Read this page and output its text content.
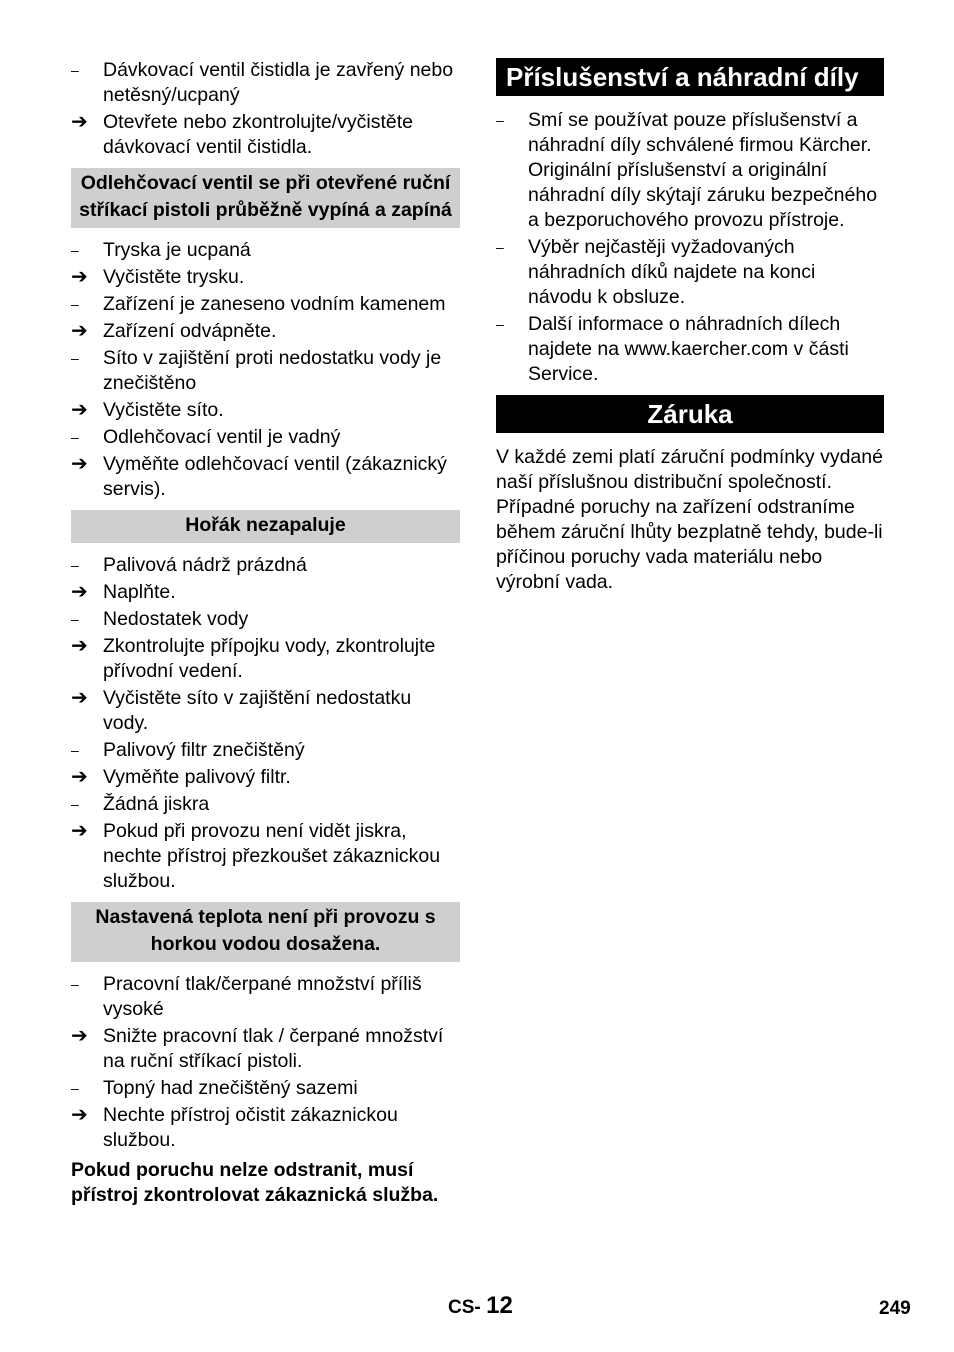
–	Dávkovací ventil čistidla je zavřený nebo netěsný/ucpaný
➔ Otevřete nebo zkontrolujte/vyčistěte dávkovací ventil čistidla.
Odlehčovací ventil se při otevřené ruční stříkací pistoli průběžně vypíná a zapíná
–	Tryska je ucpaná
➔ Vyčistěte trysku.
–	Zařízení je zaneseno vodním kamenem
➔ Zařízení odvápněte.
–	Síto v zajištění proti nedostatku vody je znečištěno
➔ Vyčistěte síto.
–	Odlehčovací ventil je vadný
➔ Vyměňte odlehčovací ventil (zákaznický servis).
Hořák nezapaluje
–	Palivová nádrž prázdná
➔ Naplňte.
–	Nedostatek vody
➔ Zkontrolujte přípojku vody, zkontrolujte přívodní vedení.
➔ Vyčistěte síto v zajištění nedostatku vody.
–	Palivový filtr znečištěný
➔ Vyměňte palivový filtr.
–	Žádná jiskra
➔ Pokud při provozu není vidět jiskra, nechte přístroj přezkoušet zákaznickou službou.
Nastavená teplota není při provozu s horkou vodou dosažena.
–	Pracovní tlak/čerpané množství příliš vysoké
➔ Snižte pracovní tlak / čerpané množství na ruční stříkací pistoli.
–	Topný had znečištěný sazemi
➔ Nechte přístroj očistit zákaznickou službou.
Pokud poruchu nelze odstranit, musí přístroj zkontrolovat zákaznická služba.
Příslušenství a náhradní díly
–	Smí se používat pouze příslušenství a náhradní díly schválené firmou Kärcher. Originální příslušenství a originální náhradní díly skýtají záruku bezpečného a bezporuchového provozu přístroje.
–	Výběr nejčastěji vyžadovaných náhradních díků najdete na konci návodu k obsluze.
–	Další informace o náhradních dílech najdete na www.kaercher.com v části Service.
Záruka

V každé zemi platí záruční podmínky vydané naší příslušnou distribuční společností. Případné poruchy na zařízení odstraníme během záruční lhůty bezplatně tehdy, bude-li příčinou poruchy vada materiálu nebo výrobní vada.

CS- 12	249
